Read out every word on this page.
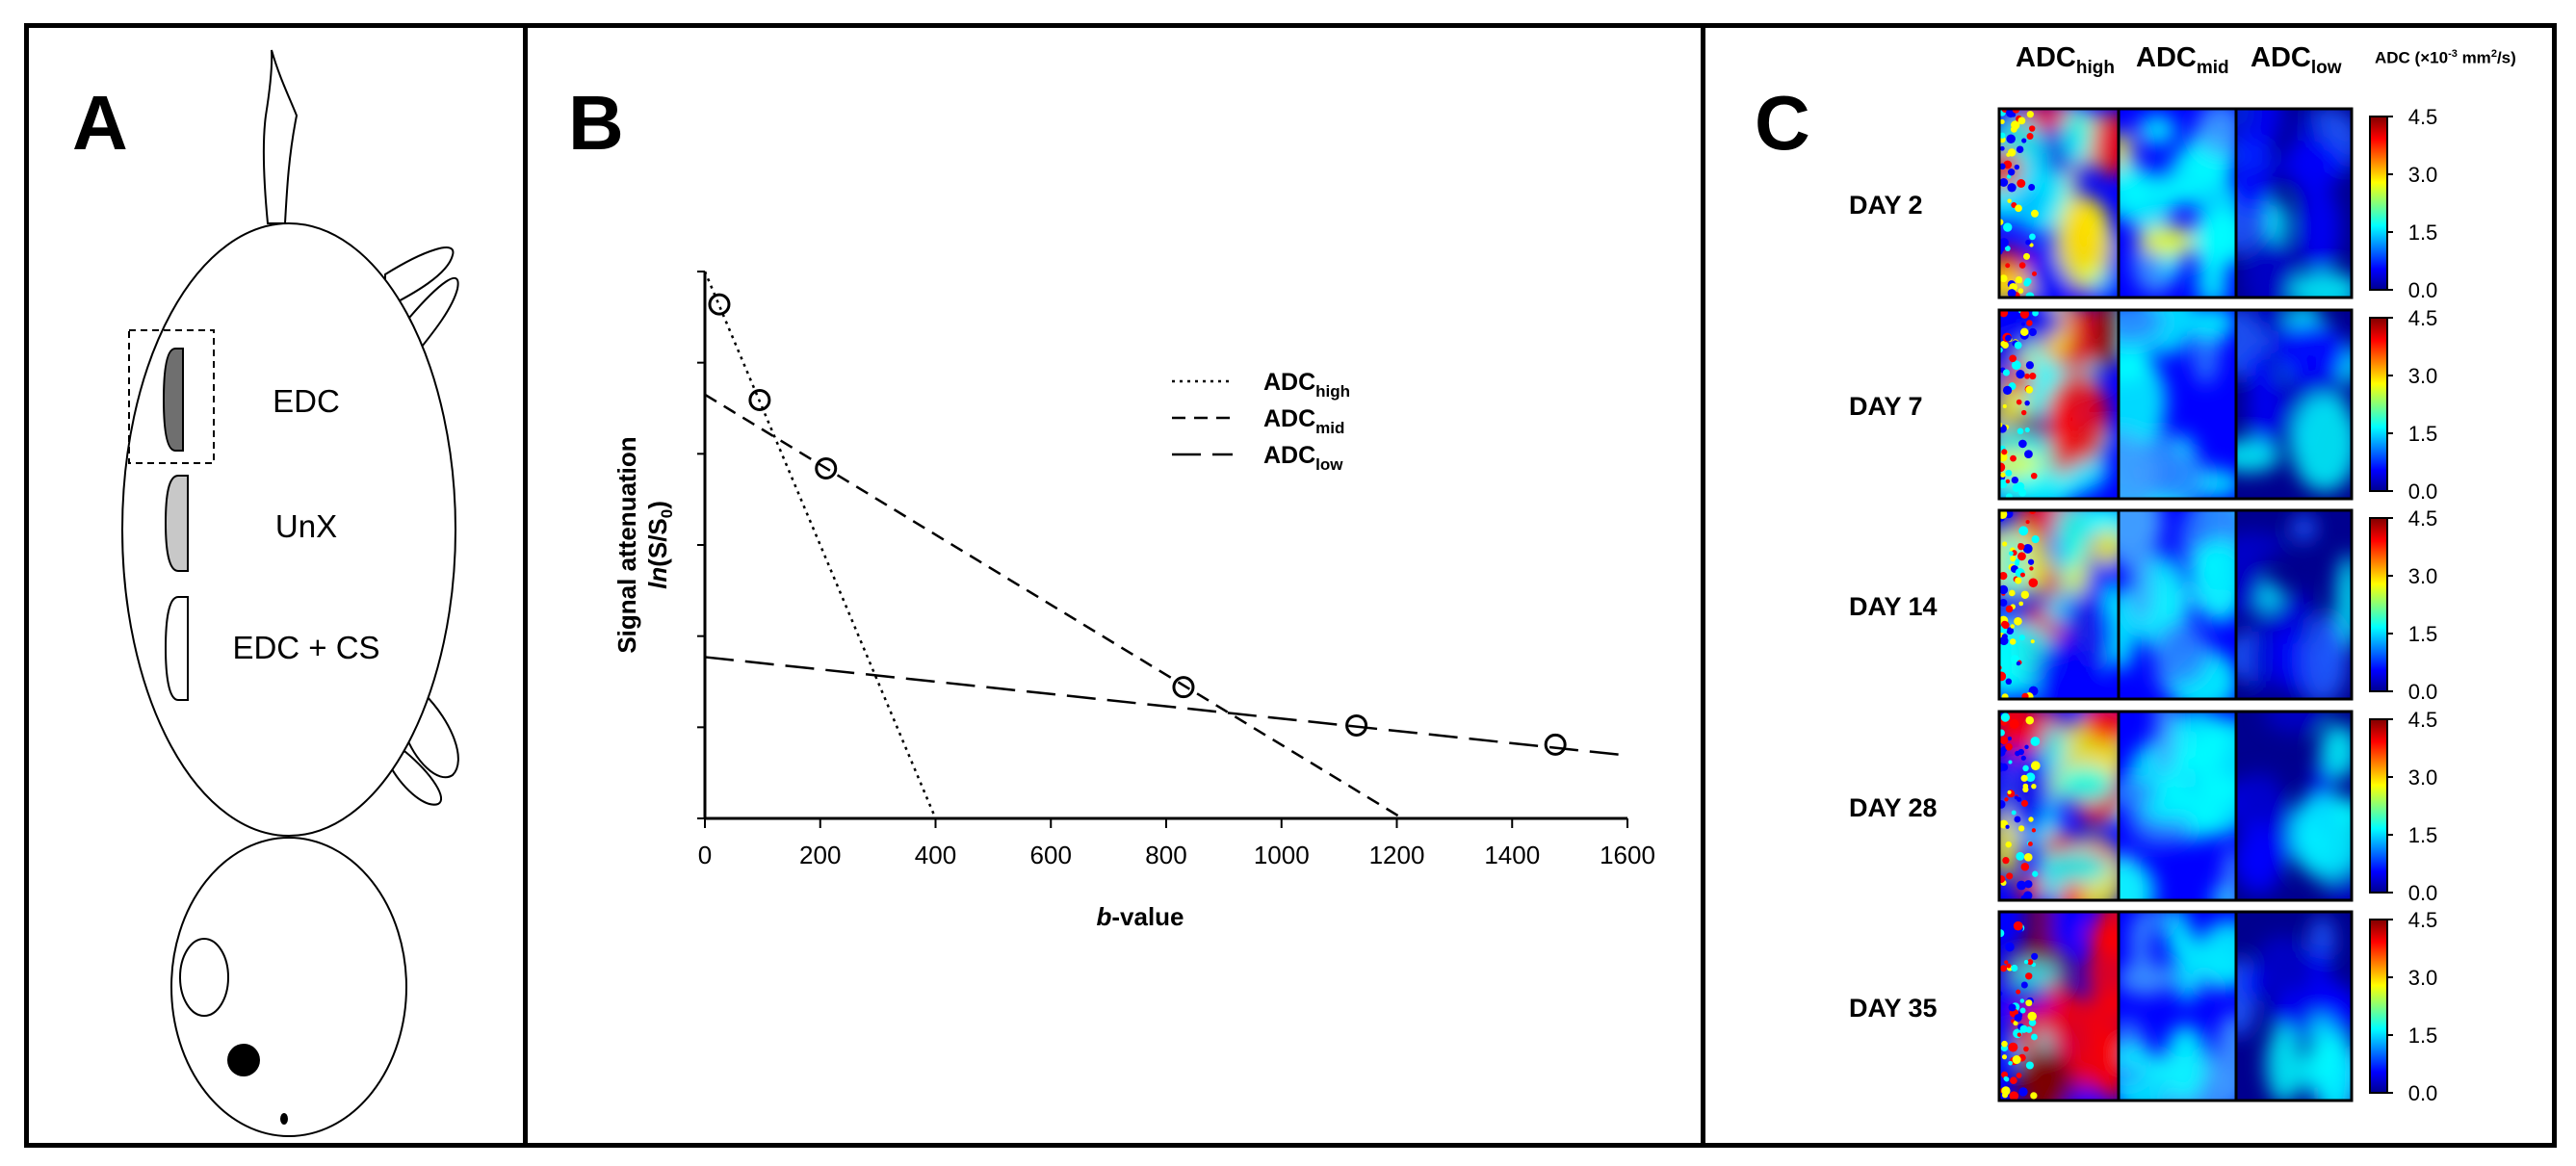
A
EDC
UnX
EDC + CS
B
0	200	400	600	800	1000 1200 1400 1600
$ADC_{high}$
$ADC_{mid}$
$ADC_{low}$
b-value
Signal attenuation $\ln(S/S_0)$
C
$ADC_{high}$ $ADC_{mid}$ $ADC_{low}$ ADC ($\times 10^{-3}$ $mm^2/s$)
4.5
3.0
1.5
0.0
4.5
3.0
1.5
0.0
4.5
3.0
1.5
0.0
4.5
3.0
1.5
0.0
4.5
3.0
1.5
0.0
DAY 2
DAY 7
DAY 14
DAY 28
DAY 35
